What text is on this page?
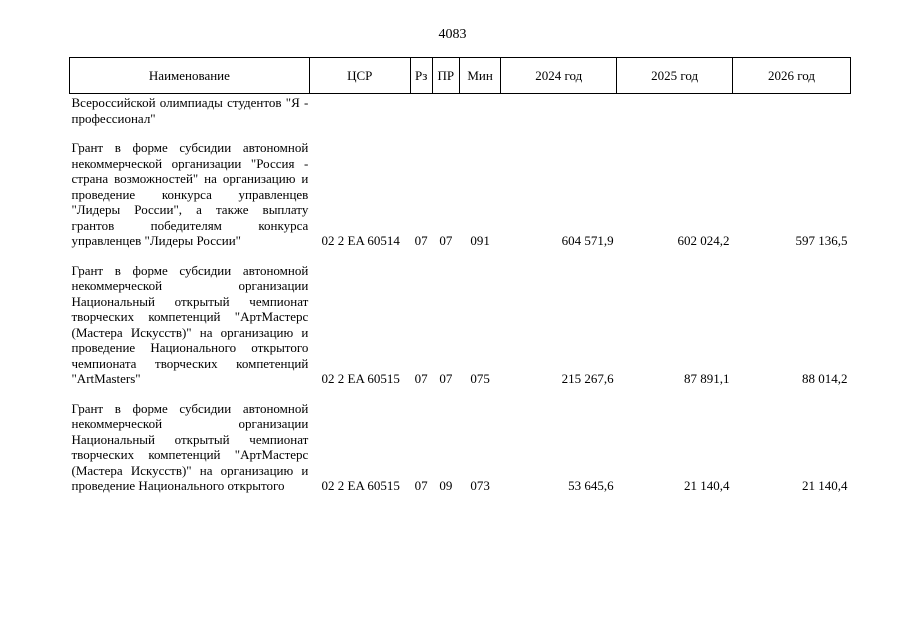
4083
Наименование	ЦСР	Рз	ПР	Мин	2024 год	2025 год	2026 год
Всероссийской олимпиады студентов "Я - профессионал"							
Грант в форме субсидии автономной некоммерческой организации "Россия - страна возможностей" на организацию и проведение конкурса управленцев "Лидеры России", а также выплату грантов победителям конкурса управленцев "Лидеры России"	02 2 EA 60514	07	07	091	604 571,9	602 024,2	597 136,5
Грант в форме субсидии автономной некоммерческой организации Национальный открытый чемпионат творческих компетенций "АртМастерс (Мастера Искусств)" на организацию и проведение Национального открытого чемпионата творческих компетенций "ArtMasters"	02 2 EA 60515	07	07	075	215 267,6	87 891,1	88 014,2
Грант в форме субсидии автономной некоммерческой организации Национальный открытый чемпионат творческих компетенций "АртМастерс (Мастера Искусств)" на организацию и проведение Национального открытого	02 2 EA 60515	07	09	073	53 645,6	21 140,4	21 140,4
